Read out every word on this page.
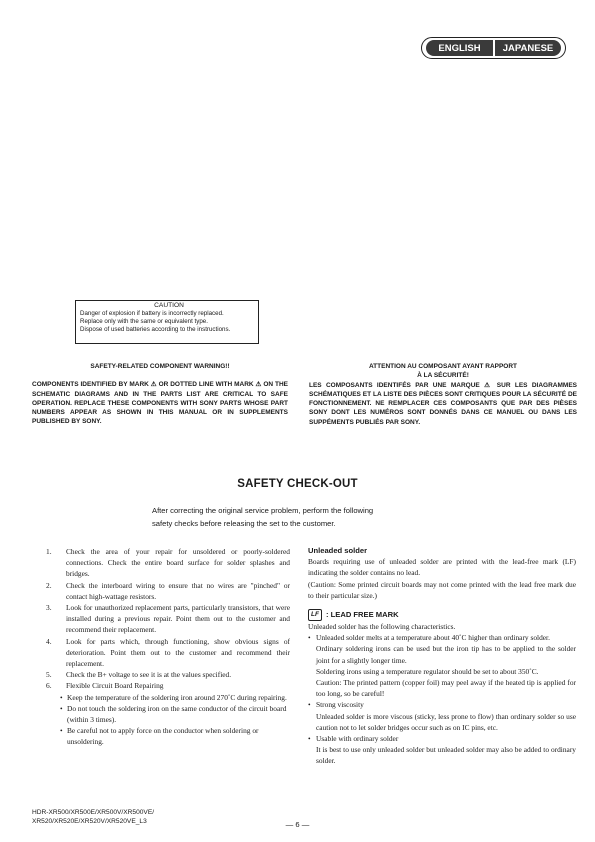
ENGLISH	JAPANESE
CAUTION
Danger of explosion if battery is incorrectly replaced.
Replace only with the same or equivalent type.
Dispose of used batteries according to the instructions.
SAFETY-RELATED COMPONENT WARNING!!

COMPONENTS IDENTIFIED BY MARK ⚠ OR DOTTED LINE WITH MARK ⚠ ON THE SCHEMATIC DIAGRAMS AND IN THE PARTS LIST ARE CRITICAL TO SAFE OPERATION. REPLACE THESE COMPONENTS WITH SONY PARTS WHOSE PART NUMBERS APPEAR AS SHOWN IN THIS MANUAL OR IN SUPPLEMENTS PUBLISHED BY SONY.

ATTENTION AU COMPOSANT AYANT RAPPORT
À LA SÉCURITÉ!

LES COMPOSANTS IDENTIFÉS PAR UNE MARQUE ⚠ SUR LES DIAGRAMMES SCHÉMATIQUES ET LA LISTE DES PIÈCES SONT CRITIQUES POUR LA SÉCURITÉ DE FONCTIONNEMENT. NE REMPLACER CES COMPOSANTS QUE PAR DES PIÈSES SONY DONT LES NUMÉROS SONT DONNÉS DANS CE MANUEL OU DANS LES SUPPÉMENTS PUBLIÉS PAR SONY.

SAFETY CHECK-OUT
After correcting the original service problem, perform the following
safety checks before releasing the set to the customer.
1.	Check the area of your repair for unsoldered or poorly-soldered connections. Check the entire board surface for solder splashes and bridges.
2.	Check the interboard wiring to ensure that no wires are "pinched" or contact high-wattage resistors.
3.	Look for unauthorized replacement parts, particularly transistors, that were installed during a previous repair. Point them out to the customer and recommend their replacement.
4.	Look for parts which, through functioning, show obvious signs of deterioration. Point them out to the customer and recommend their replacement.
5.	Check the B+ voltage to see it is at the values specified.
6.	Flexible Circuit Board Repairing
• Keep the temperature of the soldering iron around 270˚C during repairing.
• Do not touch the soldering iron on the same conductor of the circuit board (within 3 times).
• Be careful not to apply force on the conductor when soldering or unsoldering.
Unleaded solder
Boards requiring use of unleaded solder are printed with the lead-free mark (LF) indicating the solder contains no lead.
(Caution: Some printed circuit boards may not come printed with the lead free mark due to their particular size.)
LF : LEAD FREE MARK
Unleaded solder has the following characteristics.
• Unleaded solder melts at a temperature about 40˚C higher than ordinary solder.
Ordinary soldering irons can be used but the iron tip has to be applied to the solder joint for a slightly longer time.
Soldering irons using a temperature regulator should be set to about 350˚C.
Caution: The printed pattern (copper foil) may peel away if the heated tip is applied for too long, so be careful!
• Strong viscosity
Unleaded solder is more viscous (sticky, less prone to flow) than ordinary solder so use caution not to let solder bridges occur such as on IC pins, etc.
• Usable with ordinary solder
It is best to use only unleaded solder but unleaded solder may also be added to ordinary solder.
HDR-XR500/XR500E/XR500V/XR500VE/
XR520/XR520E/XR520V/XR520VE_L3	— 6 —
